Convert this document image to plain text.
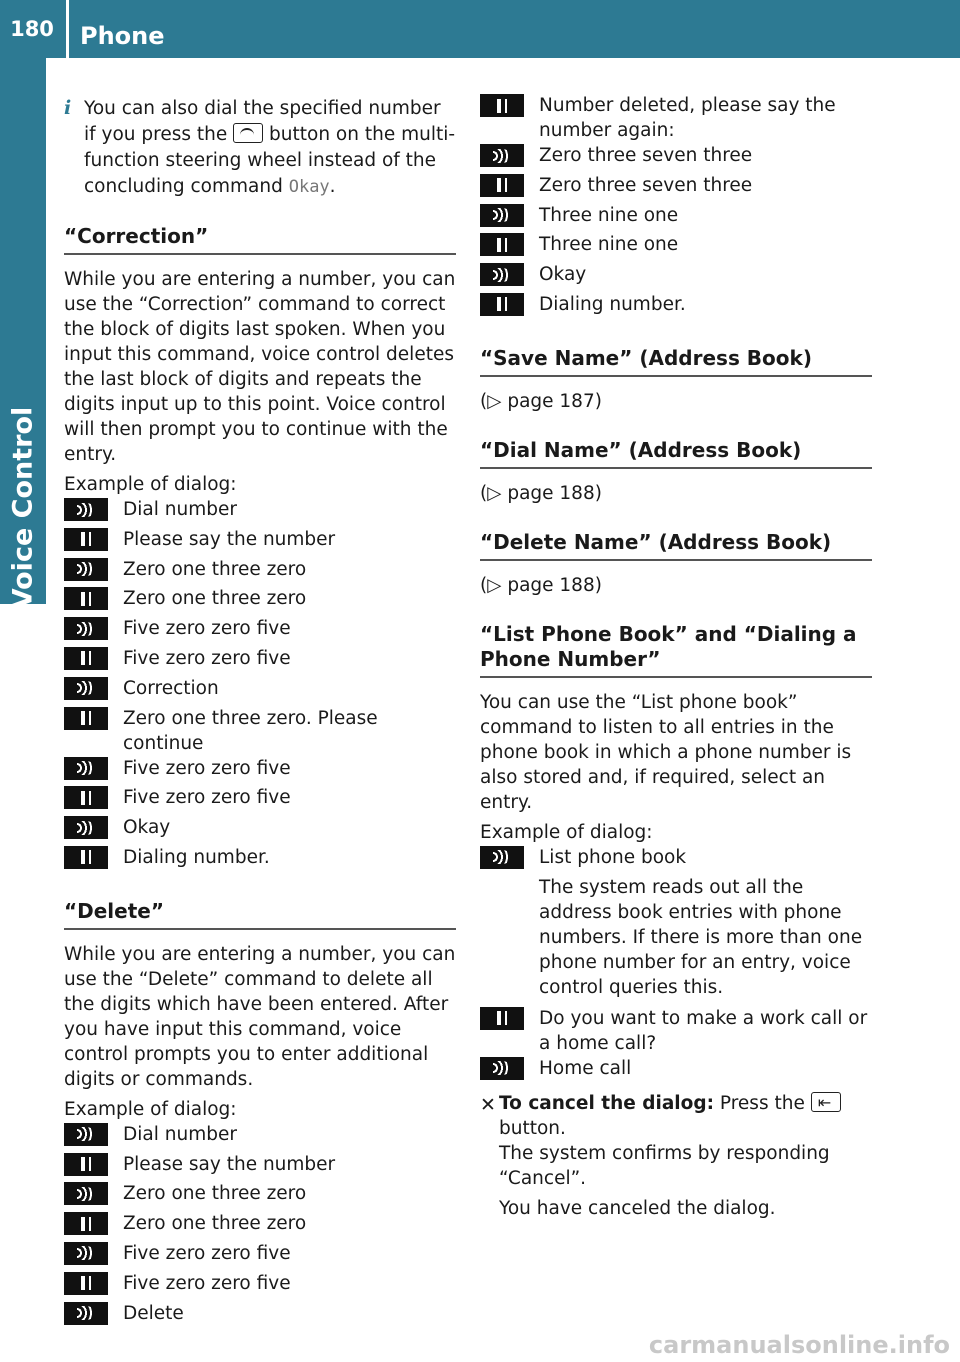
180	Phone
Voice Control
i You can also dial the specified number if you press the button on the multi-function steering wheel instead of the concluding command Okay.
“Correction”
While you are entering a number, you can use the “Correction” command to correct the block of digits last spoken. When you input this command, voice control deletes the last block of digits and repeats the digits input up to this point. Voice control will then prompt you to continue with the entry.
Example of dialog:
Dial number
Please say the number
Zero one three zero
Zero one three zero
Five zero zero five
Five zero zero five
Correction
Zero one three zero. Please continue
Five zero zero five
Five zero zero five
Okay
Dialing number.
“Delete”
While you are entering a number, you can use the “Delete” command to delete all the digits which have been entered. After you have input this command, voice control prompts you to enter additional digits or commands.
Example of dialog:
Dial number
Please say the number
Zero one three zero
Zero one three zero
Five zero zero five
Five zero zero five
Delete
Number deleted, please say the number again:
Zero three seven three
Zero three seven three
Three nine one
Three nine one
Okay
Dialing number.
“Save Name” (Address Book)
(▷ page 187)
“Dial Name” (Address Book)
(▷ page 188)
“Delete Name” (Address Book)
(▷ page 188)
“List Phone Book” and “Dialing a Phone Number”
You can use the “List phone book” command to listen to all entries in the phone book in which a phone number is also stored and, if required, select an entry.
Example of dialog:
List phone book
The system reads out all the address book entries with phone numbers. If there is more than one phone number for an entry, voice control queries this.
Do you want to make a work call or a home call?
Home call
✕ To cancel the dialog: Press the ⇤ button.
The system confirms by responding “Cancel”.
You have canceled the dialog.
carmanualsonline.info
